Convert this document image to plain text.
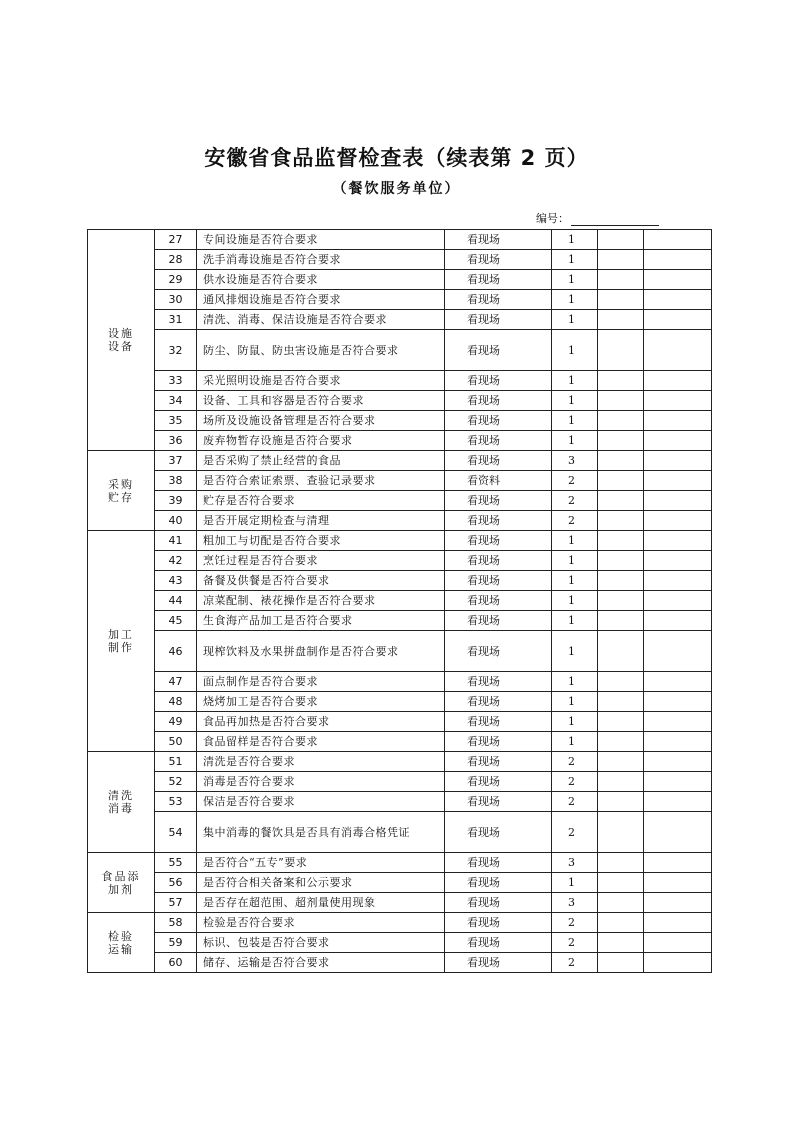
安徽省食品监督检查表（续表第 2 页）
（餐饮服务单位）
编号：
设施
设备	27	专间设施是否符合要求	看现场	1		
	28	洗手消毒设施是否符合要求	看现场	1		
	29	供水设施是否符合要求	看现场	1		
	30	通风排烟设施是否符合要求	看现场	1		
	31	清洗、消毒、保洁设施是否符合要求	看现场	1		
	32	防尘、防鼠、防虫害设施是否符合要求	看现场	1		
	33	采光照明设施是否符合要求	看现场	1		
	34	设备、工具和容器是否符合要求	看现场	1		
	35	场所及设施设备管理是否符合要求	看现场	1		
	36	废弃物暂存设施是否符合要求	看现场	1		
采购
贮存	37	是否采购了禁止经营的食品	看现场	3		
	38	是否符合索证索票、查验记录要求	看资料	2		
	39	贮存是否符合要求	看现场	2		
	40	是否开展定期检查与清理	看现场	2		
加工
制作	41	粗加工与切配是否符合要求	看现场	1		
	42	烹饪过程是否符合要求	看现场	1		
	43	备餐及供餐是否符合要求	看现场	1		
	44	凉菜配制、裱花操作是否符合要求	看现场	1		
	45	生食海产品加工是否符合要求	看现场	1		
	46	现榨饮料及水果拼盘制作是否符合要求	看现场	1		
	47	面点制作是否符合要求	看现场	1		
	48	烧烤加工是否符合要求	看现场	1		
	49	食品再加热是否符合要求	看现场	1		
	50	食品留样是否符合要求	看现场	1		
清洗
消毒	51	清洗是否符合要求	看现场	2		
	52	消毒是否符合要求	看现场	2		
	53	保洁是否符合要求	看现场	2		
	54	集中消毒的餐饮具是否具有消毒合格凭证	看现场	2		
食品添
加剂	55	是否符合“五专”要求	看现场	3		
	56	是否符合相关备案和公示要求	看现场	1		
	57	是否存在超范围、超剂量使用现象	看现场	3		
检验
运输	58	检验是否符合要求	看现场	2		
	59	标识、包装是否符合要求	看现场	2		
	60	储存、运输是否符合要求	看现场	2		
